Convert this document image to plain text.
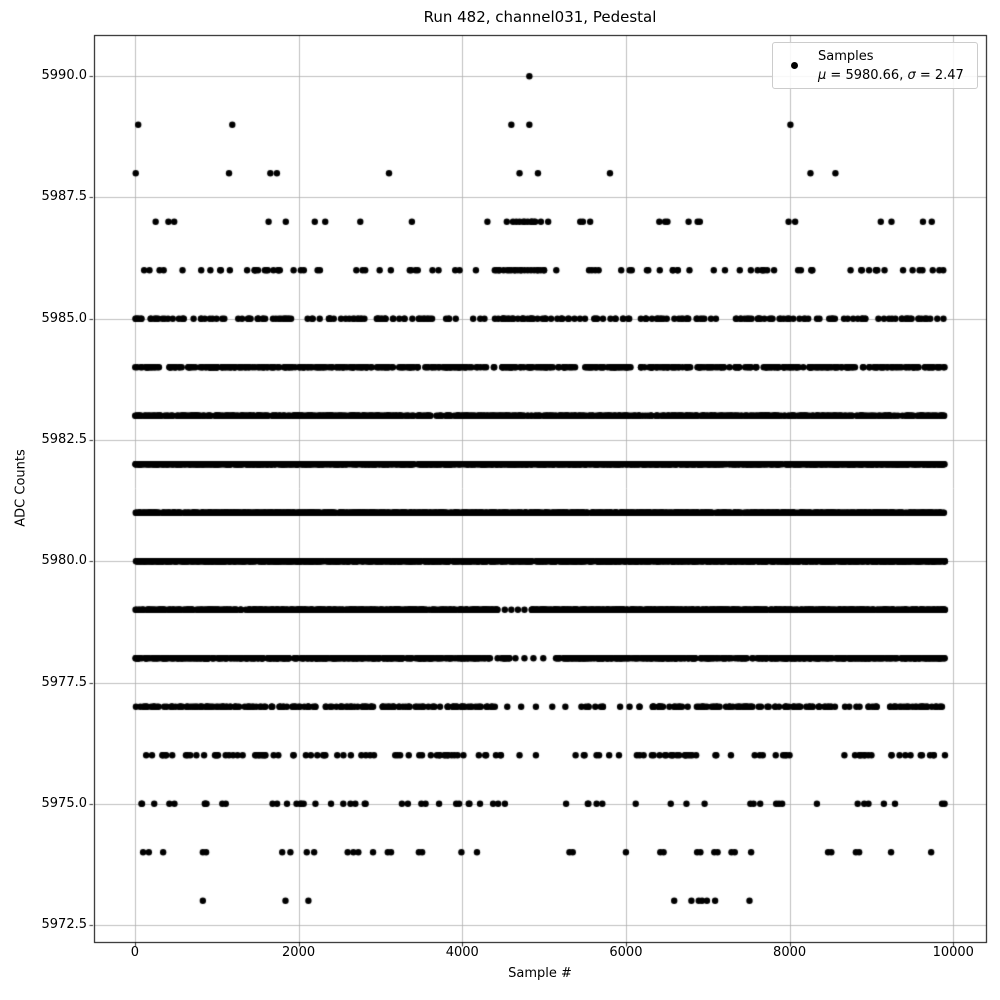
Run 482, channel031, Pedestal
Sample #
ADC Counts
Samples
μ = 5980.66, σ = 2.47
0	2000	4000	6000	8000	10000
5972.5
5975.0
5977.5
5980.0
5982.5
5985.0
5987.5
5990.0
